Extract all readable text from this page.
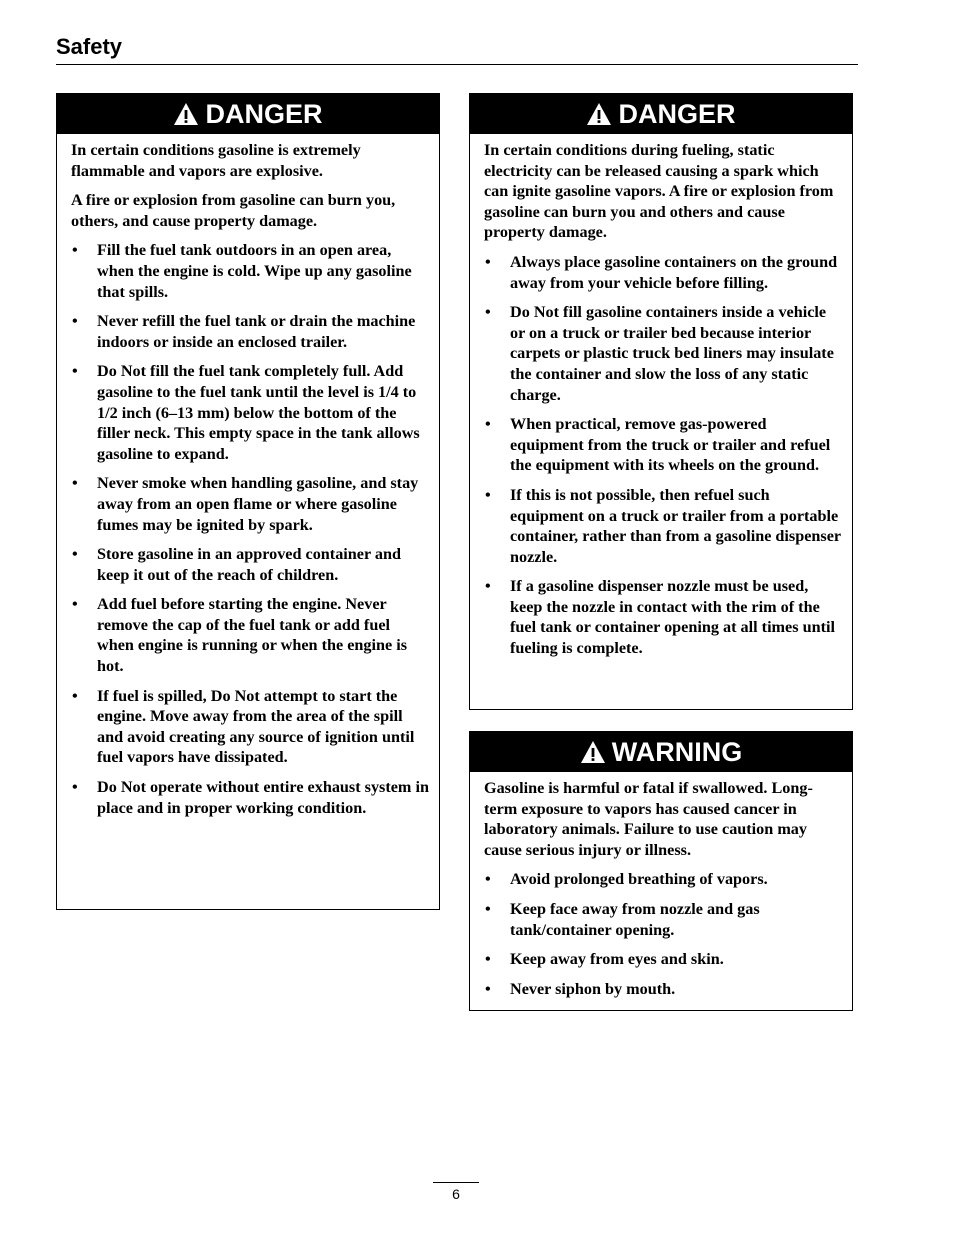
Safety
DANGER

In certain conditions gasoline is extremely flammable and vapors are explosive.

A fire or explosion from gasoline can burn you, others, and cause property damage.

• Fill the fuel tank outdoors in an open area, when the engine is cold. Wipe up any gasoline that spills.
• Never refill the fuel tank or drain the machine indoors or inside an enclosed trailer.
• Do Not fill the fuel tank completely full. Add gasoline to the fuel tank until the level is 1/4 to 1/2 inch (6–13 mm) below the bottom of the filler neck. This empty space in the tank allows gasoline to expand.
• Never smoke when handling gasoline, and stay away from an open flame or where gasoline fumes may be ignited by spark.
• Store gasoline in an approved container and keep it out of the reach of children.
• Add fuel before starting the engine. Never remove the cap of the fuel tank or add fuel when engine is running or when the engine is hot.
• If fuel is spilled, Do Not attempt to start the engine. Move away from the area of the spill and avoid creating any source of ignition until fuel vapors have dissipated.
• Do Not operate without entire exhaust system in place and in proper working condition.
DANGER

In certain conditions during fueling, static electricity can be released causing a spark which can ignite gasoline vapors. A fire or explosion from gasoline can burn you and others and cause property damage.

• Always place gasoline containers on the ground away from your vehicle before filling.
• Do Not fill gasoline containers inside a vehicle or on a truck or trailer bed because interior carpets or plastic truck bed liners may insulate the container and slow the loss of any static charge.
• When practical, remove gas-powered equipment from the truck or trailer and refuel the equipment with its wheels on the ground.
• If this is not possible, then refuel such equipment on a truck or trailer from a portable container, rather than from a gasoline dispenser nozzle.
• If a gasoline dispenser nozzle must be used, keep the nozzle in contact with the rim of the fuel tank or container opening at all times until fueling is complete.
WARNING

Gasoline is harmful or fatal if swallowed. Long-term exposure to vapors has caused cancer in laboratory animals. Failure to use caution may cause serious injury or illness.

• Avoid prolonged breathing of vapors.
• Keep face away from nozzle and gas tank/container opening.
• Keep away from eyes and skin.
• Never siphon by mouth.
6
